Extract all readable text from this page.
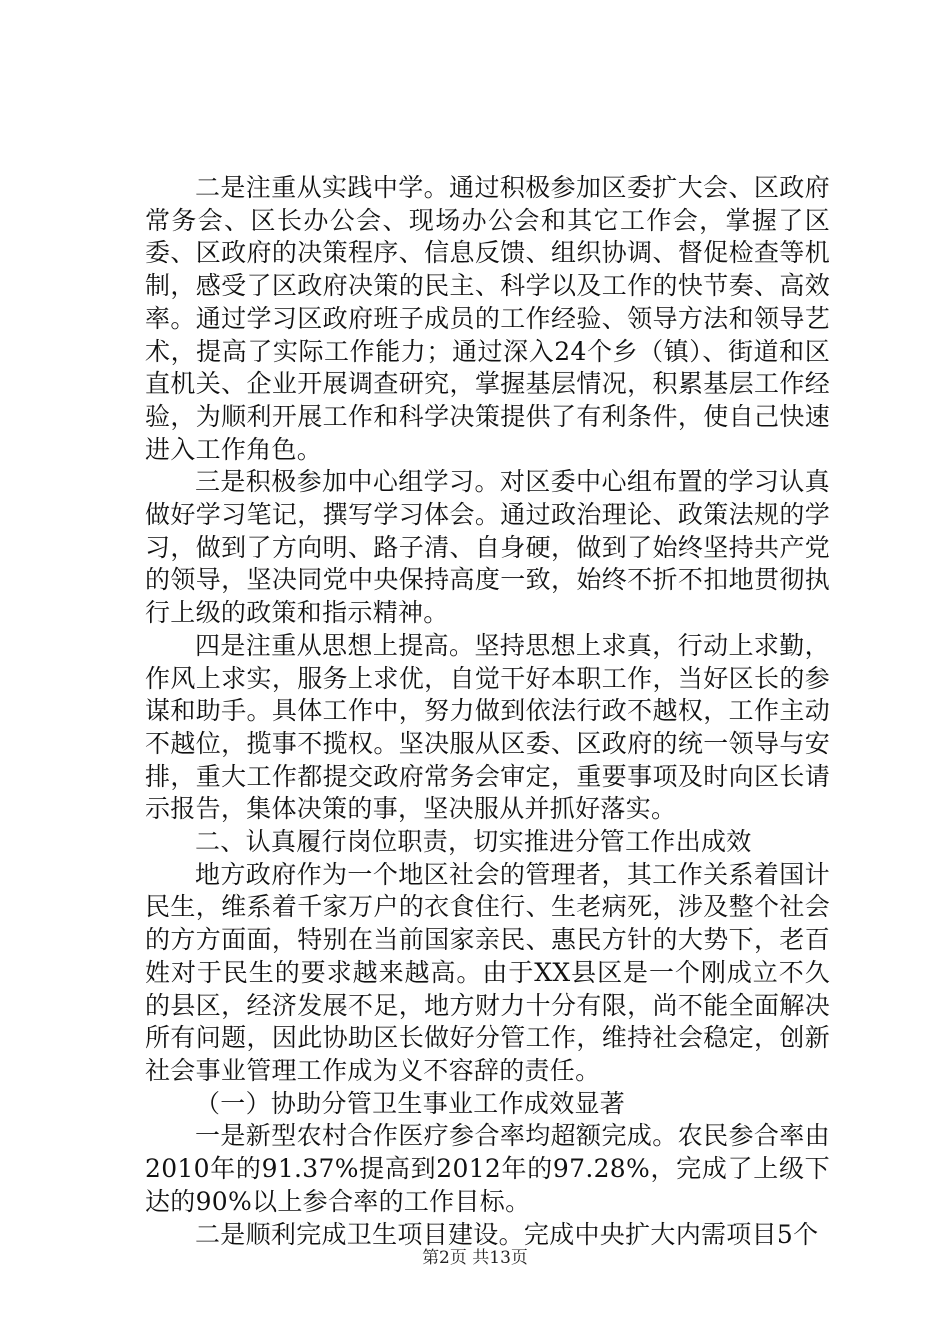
二是注重从实践中学。通过积极参加区委扩大会、区政府常务会、区长办公会、现场办公会和其它工作会，掌握了区委、区政府的决策程序、信息反馈、组织协调、督促检查等机制，感受了区政府决策的民主、科学以及工作的快节奏、高效率。通过学习区政府班子成员的工作经验、领导方法和领导艺术，提高了实际工作能力；通过深入24个乡（镇）、街道和区直机关、企业开展调查研究，掌握基层情况，积累基层工作经验，为顺利开展工作和科学决策提供了有利条件，使自己快速进入工作角色。

三是积极参加中心组学习。对区委中心组布置的学习认真做好学习笔记，撰写学习体会。通过政治理论、政策法规的学习，做到了方向明、路子清、自身硬，做到了始终坚持共产党的领导，坚决同党中央保持高度一致，始终不折不扣地贯彻执行上级的政策和指示精神。

四是注重从思想上提高。坚持思想上求真，行动上求勤，作风上求实，服务上求优，自觉干好本职工作，当好区长的参谋和助手。具体工作中，努力做到依法行政不越权，工作主动不越位，揽事不揽权。坚决服从区委、区政府的统一领导与安排，重大工作都提交政府常务会审定，重要事项及时向区长请示报告，集体决策的事，坚决服从并抓好落实。

二、认真履行岗位职责，切实推进分管工作出成效

地方政府作为一个地区社会的管理者，其工作关系着国计民生，维系着千家万户的衣食住行、生老病死，涉及整个社会的方方面面，特别在当前国家亲民、惠民方针的大势下，老百姓对于民生的要求越来越高。由于XX县区是一个刚成立不久的县区，经济发展不足，地方财力十分有限，尚不能全面解决所有问题，因此协助区长做好分管工作，维持社会稳定，创新社会事业管理工作成为义不容辞的责任。

（一）协助分管卫生事业工作成效显著

一是新型农村合作医疗参合率均超额完成。农民参合率由2010年的91.37%提高到2012年的97.28%，完成了上级下达的90%以上参合率的工作目标。

二是顺利完成卫生项目建设。完成中央扩大内需项目5个

第2页 共13页
